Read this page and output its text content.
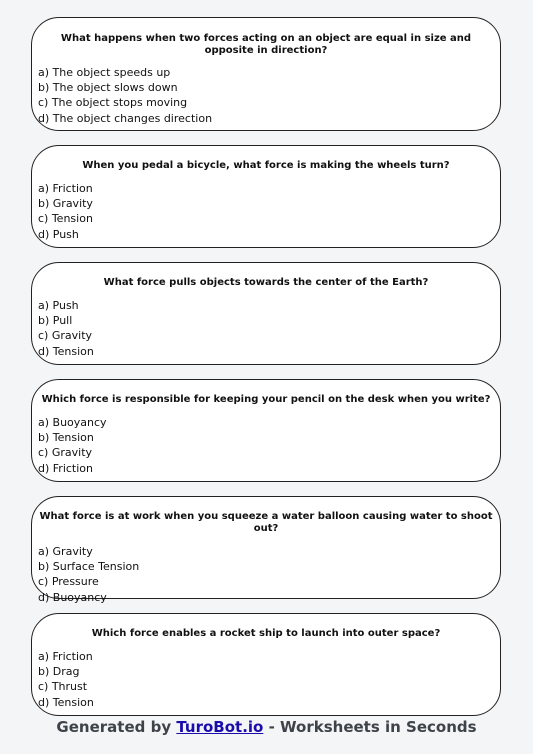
What happens when two forces acting on an object are equal in size and opposite in direction?

a) The object speeds up
b) The object slows down
c) The object stops moving
d) The object changes direction

When you pedal a bicycle, what force is making the wheels turn?

a) Friction
b) Gravity
c) Tension
d) Push

What force pulls objects towards the center of the Earth?

a) Push
b) Pull
c) Gravity
d) Tension

Which force is responsible for keeping your pencil on the desk when you write?

a) Buoyancy
b) Tension
c) Gravity
d) Friction

What force is at work when you squeeze a water balloon causing water to shoot out?

a) Gravity
b) Surface Tension
c) Pressure
d) Buoyancy

Which force enables a rocket ship to launch into outer space?

a) Friction
b) Drag
c) Thrust
d) Tension
Generated by TuroBot.io - Worksheets in Seconds
